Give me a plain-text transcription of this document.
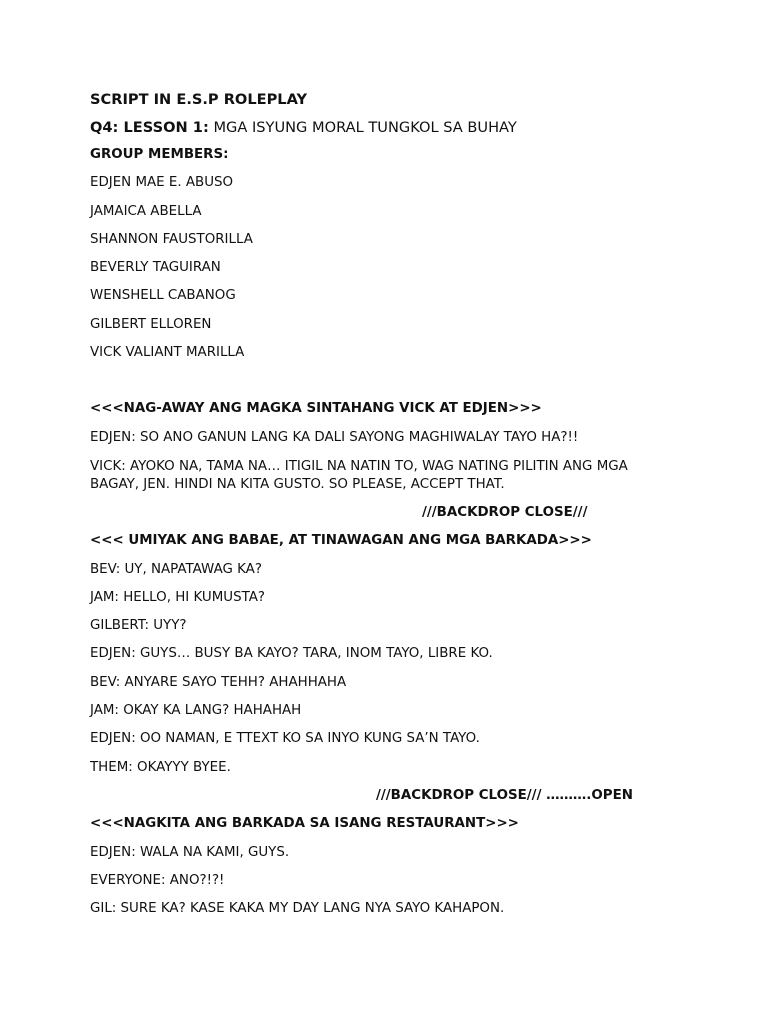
SCRIPT IN E.S.P ROLEPLAY
Q4: LESSON 1: MGA ISYUNG MORAL TUNGKOL SA BUHAY
GROUP MEMBERS:
EDJEN MAE E. ABUSO
JAMAICA ABELLA
SHANNON FAUSTORILLA
BEVERLY TAGUIRAN
WENSHELL CABANOG
GILBERT ELLOREN
VICK VALIANT MARILLA
<<<NAG-AWAY ANG MAGKA SINTAHANG VICK AT EDJEN>>>
EDJEN: SO ANO GANUN LANG KA DALI SAYONG MAGHIWALAY TAYO HA?!!
VICK: AYOKO NA, TAMA NA… ITIGIL NA NATIN TO, WAG NATING PILITIN ANG MGA BAGAY, JEN. HINDI NA KITA GUSTO. SO PLEASE, ACCEPT THAT.
///BACKDROP CLOSE///
<<< UMIYAK ANG BABAE, AT TINAWAGAN ANG MGA BARKADA>>>
BEV: UY, NAPATAWAG KA?
JAM: HELLO, HI KUMUSTA?
GILBERT: UYY?
EDJEN: GUYS… BUSY BA KAYO? TARA, INOM TAYO, LIBRE KO.
BEV: ANYARE SAYO TEHH? AHAHHAHA
JAM: OKAY KA LANG? HAHAHAH
EDJEN: OO NAMAN, E TTEXT KO SA INYO KUNG SA’N TAYO.
THEM: OKAYYY BYEE.
///BACKDROP CLOSE/// ……….OPEN
<<<NAGKITA ANG BARKADA SA ISANG RESTAURANT>>>
EDJEN: WALA NA KAMI, GUYS.
EVERYONE: ANO?!?!
GIL: SURE KA? KASE KAKA MY DAY LANG NYA SAYO KAHAPON.
